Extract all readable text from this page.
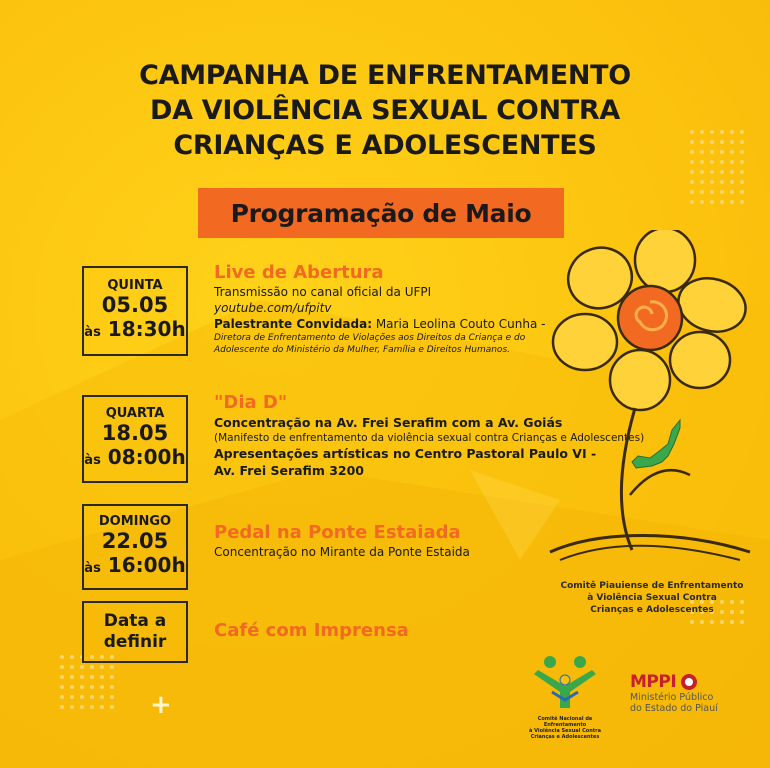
CAMPANHA DE ENFRENTAMENTO
DA VIOLÊNCIA SEXUAL CONTRA
CRIANÇAS E ADOLESCENTES
Programação de Maio
QUINTA
05.05
às 18:30h
Live de Abertura
Transmissão no canal oficial da UFPI
youtube.com/ufpitv
Palestrante Convidada: Maria Leolina Couto Cunha -
Diretora de Enfrentamento de Violações aos Direitos da Criança e do
Adolescente do Ministério da Mulher, Família e Direitos Humanos.
QUARTA
18.05
às 08:00h
"Dia D"
Concentração na Av. Frei Serafim com a Av. Goiás
(Manifesto de enfrentamento da violência sexual contra Crianças e Adolescentes)
Apresentações artísticas no Centro Pastoral Paulo VI -
Av. Frei Serafim 3200
DOMINGO
22.05
às 16:00h
Pedal na Ponte Estaiada
Concentração no Mirante da Ponte Estaida
Data a
definir
Café com Imprensa
Comitê Piauiense de Enfrentamento
à Violência Sexual Contra
Crianças e Adolescentes
Comitê Nacional de Enfrentamento
à Violência Sexual Contra
Crianças e Adolescentes
MPPI
Ministério Público
do Estado do Piauí
+
